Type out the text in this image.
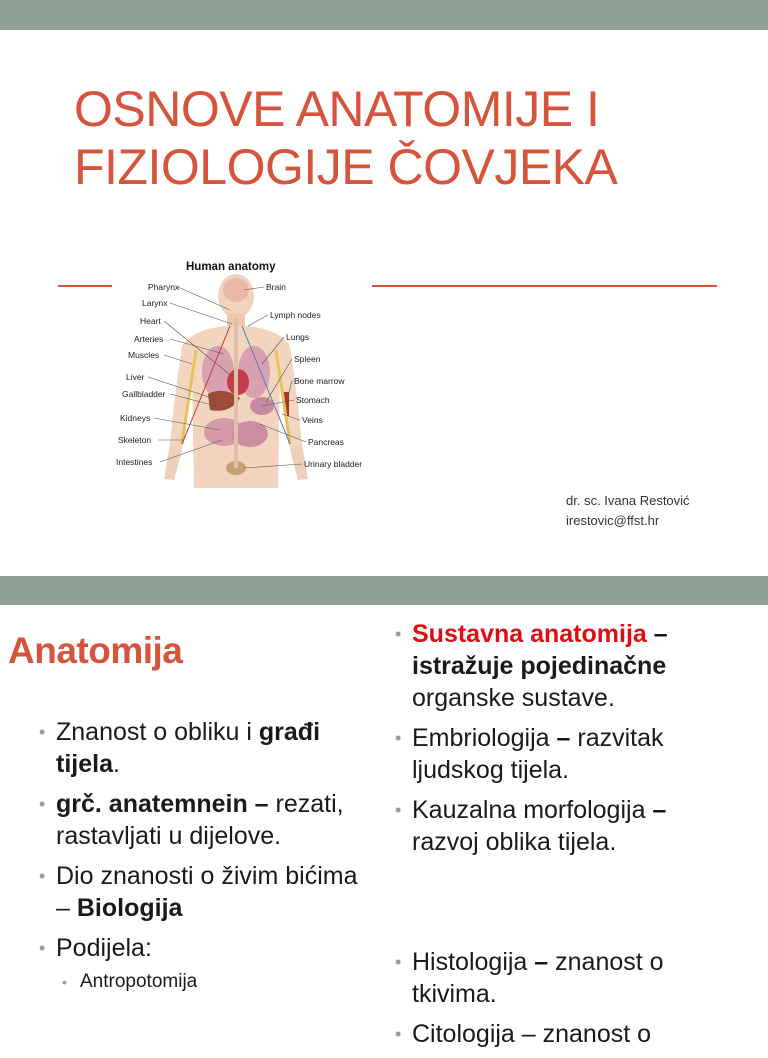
OSNOVE ANATOMIJE I
FIZIOLOGIJE ČOVJEKA
Human anatomy
Pharynx
Larynx
Heart
Arteries
Muscles
Liver
Gallbladder
Kidneys
Skeleton
Intestines
Brain
Lymph nodes
Lungs
Spleen
Bone marrow
Stomach
Veins
Pancreas
Urinary bladder
dr. sc. Ivana Restović
irestovic@ffst.hr
Anatomija
• Znanost o obliku i građi tijela.
• grč. anatemnein – rezati, rastavljati u dijelove.
• Dio znanosti o živim bićima – Biologija
• Podijela:
• Antropotomija
• Sustavna anatomija – istražuje pojedinačne organske sustave.
• Embriologija – razvitak ljudskog tijela.
• Kauzalna morfologija – razvoj oblika tijela.
• Histologija – znanost o tkivima.
• Citologija – znanost o
